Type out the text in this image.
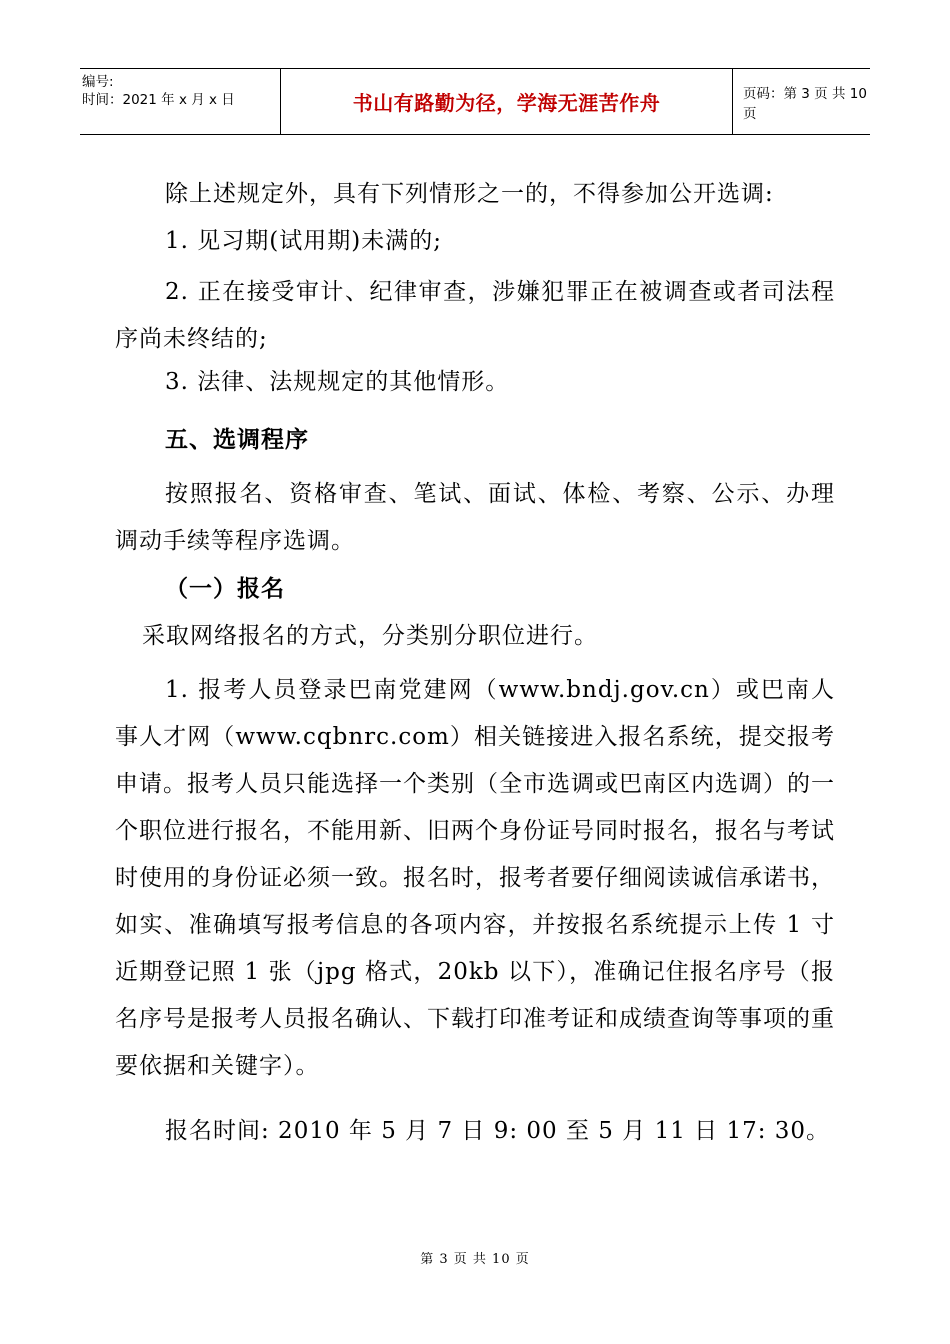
编号:
时间：2021 年 x 月 x 日	书山有路勤为径，学海无涯苦作舟	页码：第 3 页 共 10 页

除上述规定外，具有下列情形之一的，不得参加公开选调:

1. 见习期(试用期)未满的;

2. 正在接受审计、纪律审查，涉嫌犯罪正在被调查或者司法程序尚未终结的;

3. 法律、法规规定的其他情形。

五、选调程序

按照报名、资格审查、笔试、面试、体检、考察、公示、办理调动手续等程序选调。

（一）报名

采取网络报名的方式，分类别分职位进行。

1. 报考人员登录巴南党建网（www.bndj.gov.cn）或巴南人事人才网（www.cqbnrc.com）相关链接进入报名系统，提交报考申请。报考人员只能选择一个类别（全市选调或巴南区内选调）的一个职位进行报名，不能用新、旧两个身份证号同时报名，报名与考试时使用的身份证必须一致。报名时，报考者要仔细阅读诚信承诺书，如实、准确填写报考信息的各项内容，并按报名系统提示上传 1 寸近期登记照 1 张（jpg 格式，20kb 以下），准确记住报名序号（报名序号是报考人员报名确认、下载打印准考证和成绩查询等事项的重要依据和关键字）。

报名时间: 2010 年 5 月 7 日 9: 00 至 5 月 11 日 17: 30。

第 3 页 共 10 页
